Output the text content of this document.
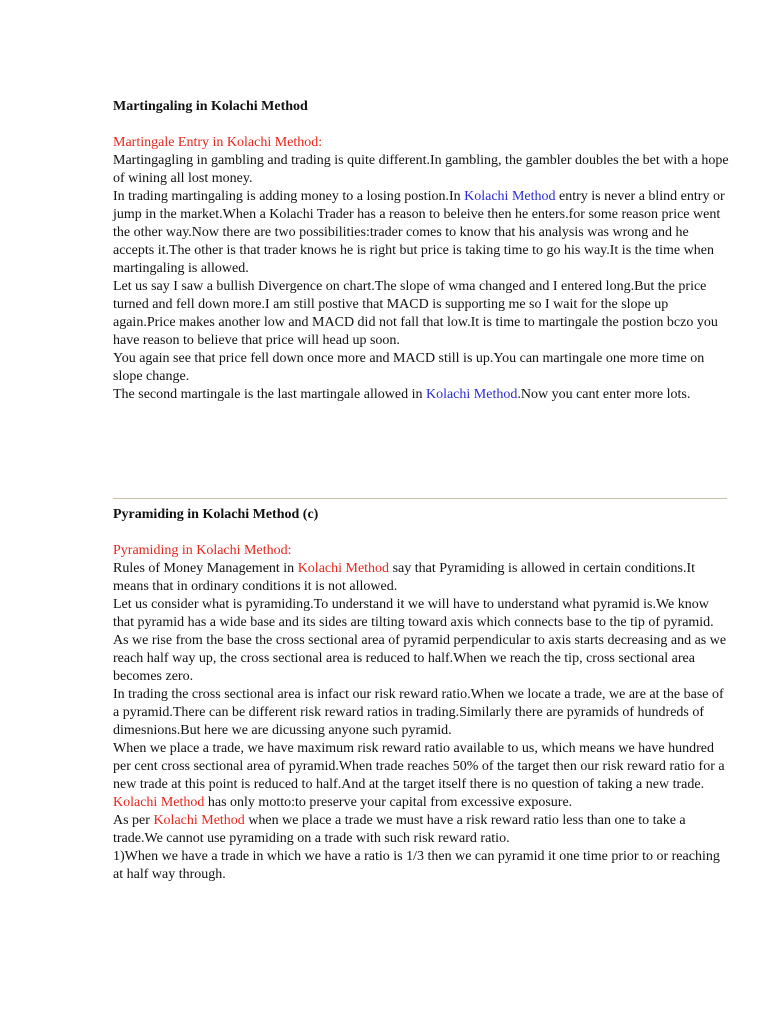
Martingaling in Kolachi Method

Martingale Entry in Kolachi Method:

Martingagling in gambling and trading is quite different.In gambling, the gambler doubles the bet with a hope of wining all lost money.
In trading martingaling is adding money to a losing postion.In Kolachi Method entry is never a blind entry or jump in the market.When a Kolachi Trader has a reason to beleive then he enters.for some reason price went the other way.Now there are two possibilities:trader comes to know that his analysis was wrong and he accepts it.The other is that trader knows he is right but price is taking time to go his way.It is the time when martingaling is allowed.
Let us say I saw a bullish Divergence on chart.The slope of wma changed and I entered long.But the price turned and fell down more.I am still postive that MACD is supporting me so I wait for the slope up again.Price makes another low and MACD did not fall that low.It is time to martingale the postion bczo you have reason to believe that price will head up soon.
You again see that price fell down once more and MACD still is up.You can martingale one more time on slope change.
The second martingale is the last martingale allowed in Kolachi Method.Now you cant enter more lots.

Pyramiding in Kolachi Method (c)

Pyramiding in Kolachi Method:

Rules of Money Management in Kolachi Method say that Pyramiding is allowed in certain conditions.It means that in ordinary conditions it is not allowed.
Let us consider what is pyramiding.To understand it we will have to understand what pyramid is.We know that pyramid has a wide base and its sides are tilting toward axis which connects base to the tip of pyramid.
As we rise from the base the cross sectional area of pyramid perpendicular to axis starts decreasing and as we reach half way up, the cross sectional area is reduced to half.When we reach the tip, cross sectional area becomes zero.
In trading the cross sectional area is infact our risk reward ratio.When we locate a trade, we are at the base of a pyramid.There can be different risk reward ratios in trading.Similarly there are pyramids of hundreds of dimesnions.But here we are dicussing anyone such pyramid.
When we place a trade, we have maximum risk reward ratio available to us, which means we have hundred per cent cross sectional area of pyramid.When trade reaches 50% of the target then our risk reward ratio for a new trade at this point is reduced to half.And at the target itself there is no question of taking a new trade.
Kolachi Method has only motto:to preserve your capital from excessive exposure.
As per Kolachi Method when we place a trade we must have a risk reward ratio less than one to take a trade.We cannot use pyramiding on a trade with such risk reward ratio.
1)When we have a trade in which we have a ratio is 1/3 then we can pyramid it one time prior to or reaching at half way through.
